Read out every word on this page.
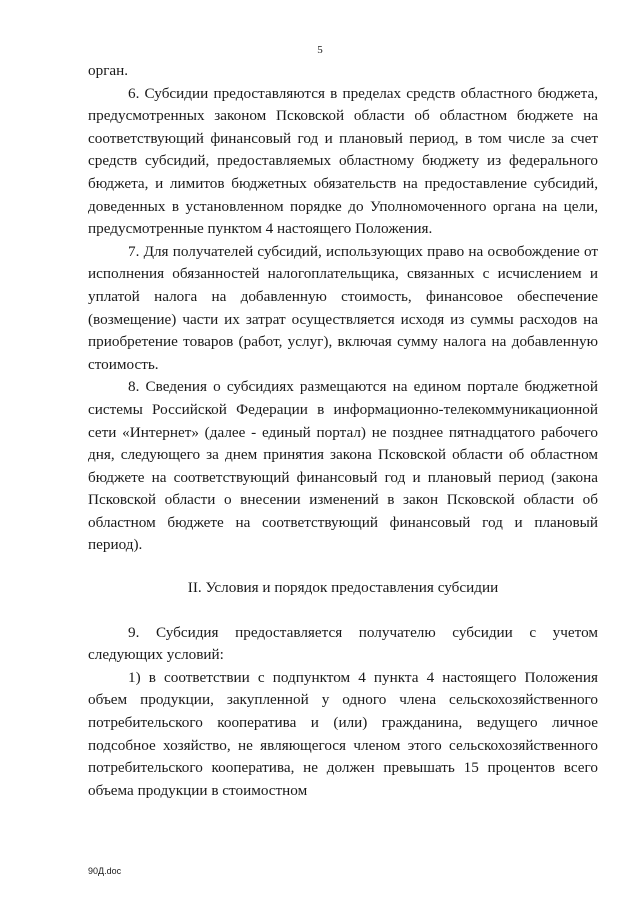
5

орган.

6. Субсидии предоставляются в пределах средств областного бюджета, предусмотренных законом Псковской области об областном бюджете на соответствующий финансовый год и плановый период, в том числе за счет средств субсидий, предоставляемых областному бюджету из федерального бюджета, и лимитов бюджетных обязательств на предоставление субсидий, доведенных в установленном порядке до Уполномоченного органа на цели, предусмотренные пунктом 4 настоящего Положения.

7. Для получателей субсидий, использующих право на освобождение от исполнения обязанностей налогоплательщика, связанных с исчислением и уплатой налога на добавленную стоимость, финансовое обеспечение (возмещение) части их затрат осуществляется исходя из суммы расходов на приобретение товаров (работ, услуг), включая сумму налога на добавленную стоимость.

8. Сведения о субсидиях размещаются на едином портале бюджетной системы Российской Федерации в информационно-телекоммуникационной сети «Интернет» (далее - единый портал) не позднее пятнадцатого рабочего дня, следующего за днем принятия закона Псковской области об областном бюджете на соответствующий финансовый год и плановый период (закона Псковской области о внесении изменений в закон Псковской области об областном бюджете на соответствующий финансовый год и плановый период).

II. Условия и порядок предоставления субсидии

9. Субсидия предоставляется получателю субсидии с учетом следующих условий:

1) в соответствии с подпунктом 4 пункта 4 настоящего Положения объем продукции, закупленной у одного члена сельскохозяйственного потребительского кооператива и (или) гражданина, ведущего личное подсобное хозяйство, не являющегося членом этого сельскохозяйственного потребительского кооператива, не должен превышать 15 процентов всего объема продукции в стоимостном

90Д.doc
